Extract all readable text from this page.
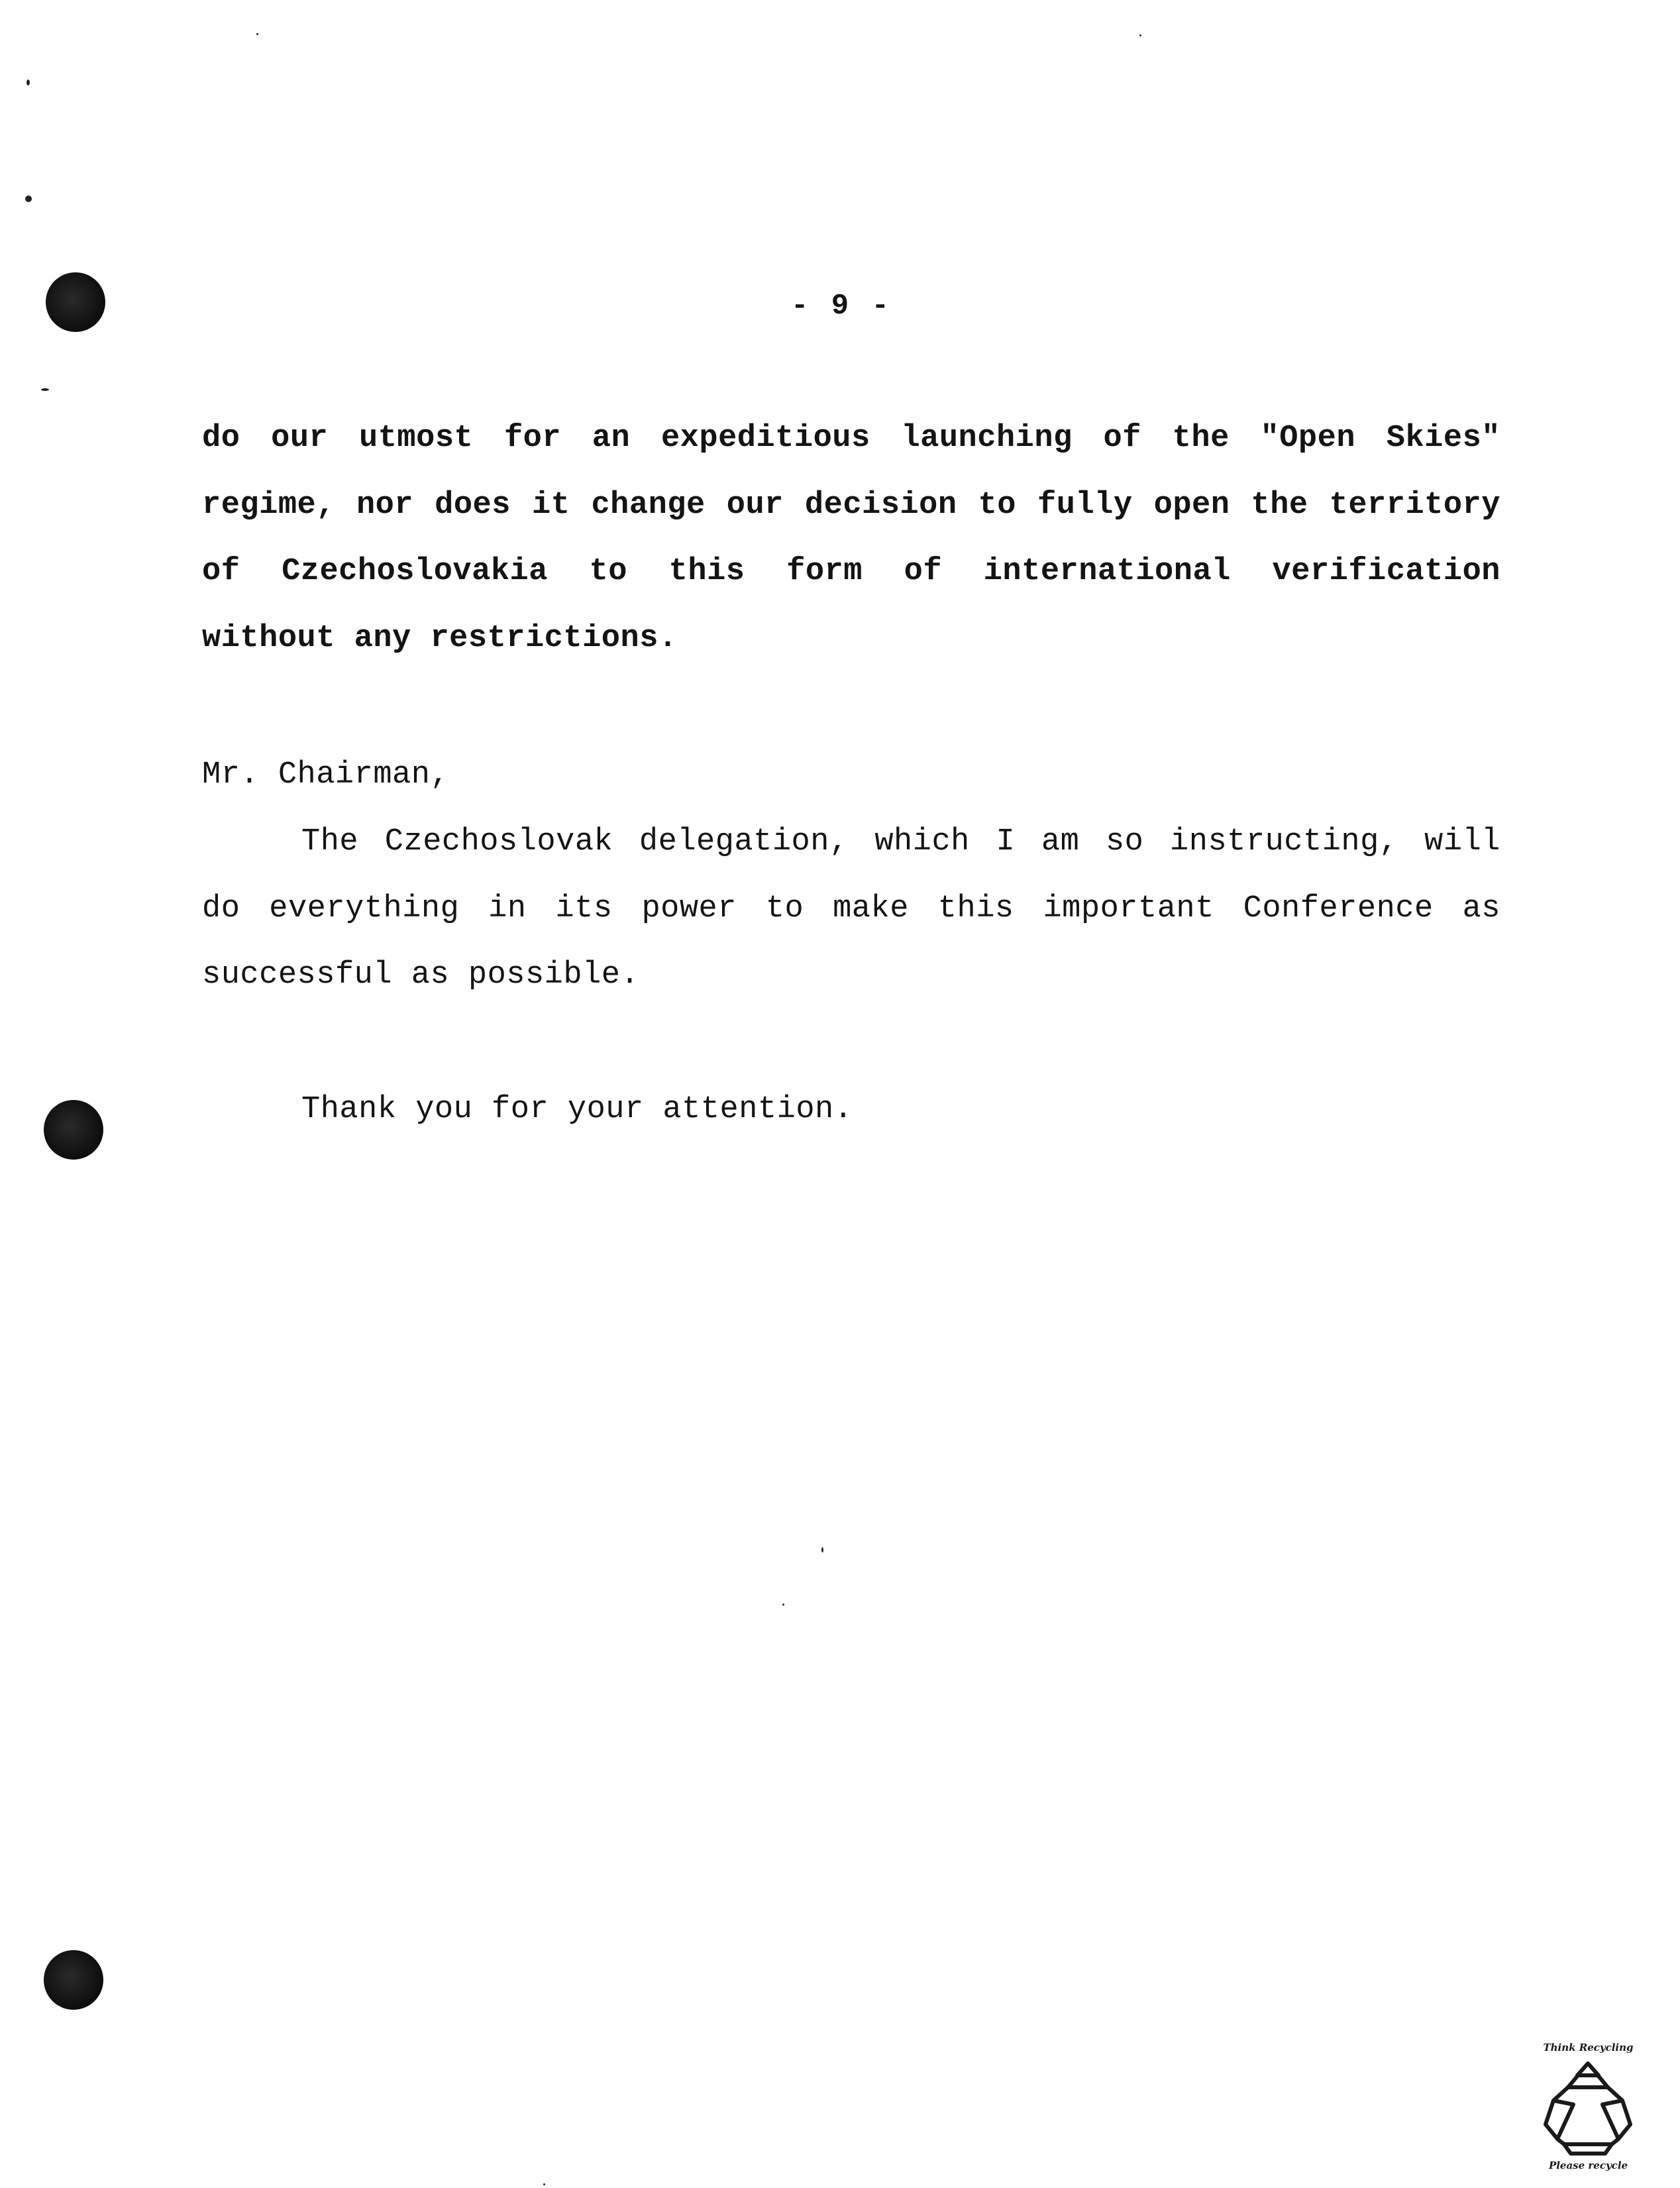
- 9 -
do our utmost for an expeditious launching of the "Open Skies"
regime, nor does it change our decision to fully open the territory
of Czechoslovakia to this form of international verification
without any restrictions.
Mr. Chairman,
The Czechoslovak delegation, which I am so instructing, will
do everything in its power to make this important Conference as
successful as possible.
Thank you for your attention.
Think Recycling
Please recycle
